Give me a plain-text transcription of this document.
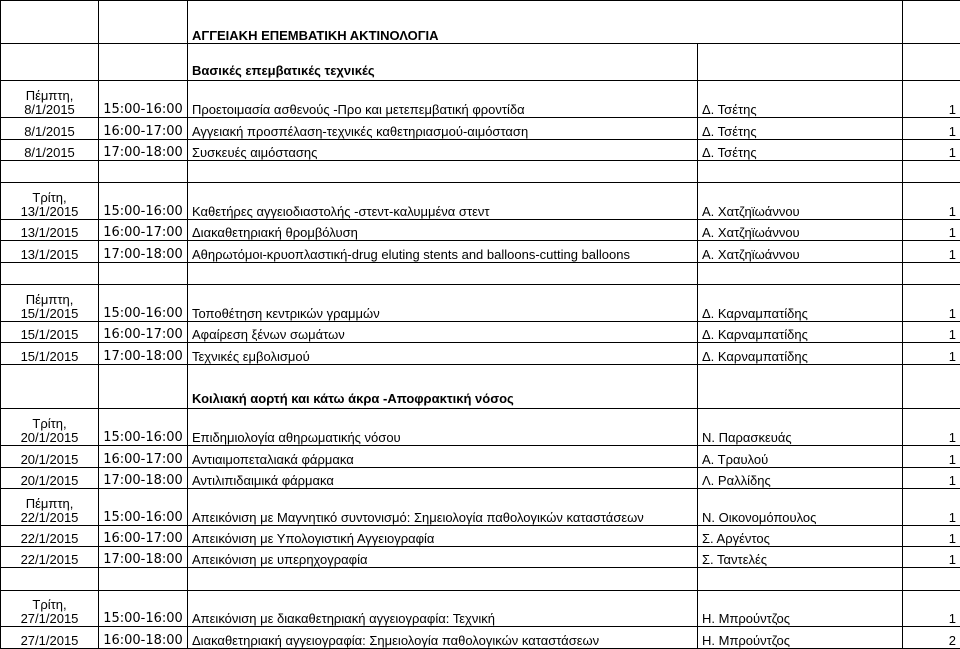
		ΑΓΓΕΙΑΚΗ ΕΠΕΜΒΑΤΙΚΗ ΑΚΤΙΝΟΛΟΓΙΑ		
		Βασικές επεμβατικές τεχνικές		

Πέμπτη,
8/1/2015	15:00-16:00	Προετοιμασία ασθενούς -Προ και μετεπεμβατική φροντίδα	Δ. Τσέτης	1

8/1/2015	16:00-17:00	Αγγειακή προσπέλαση-τεχνικές καθετηριασμού-αιμόσταση	Δ. Τσέτης	1

8/1/2015	17:00-18:00	Συσκευές αιμόστασης	Δ. Τσέτης	1

Τρίτη,
13/1/2015	15:00-16:00	Καθετήρες αγγειοδιαστολής -στεντ-καλυμμένα στεντ	Α. Χατζηϊωάννου	1

13/1/2015	16:00-17:00	Διακαθετηριακή θρομβόλυση	Α. Χατζηϊωάννου	1

13/1/2015	17:00-18:00	Αθηρωτόμοι-κρυοπλαστική-drug eluting stents and balloons-cutting balloons	Α. Χατζηϊωάννου	1

Πέμπτη,
15/1/2015	15:00-16:00	Τοποθέτηση κεντρικών γραμμών	Δ. Καρναμπατίδης	1

15/1/2015	16:00-17:00	Αφαίρεση ξένων σωμάτων	Δ. Καρναμπατίδης	1

15/1/2015	17:00-18:00	Τεχνικές εμβολισμού	Δ. Καρναμπατίδης	1
		Κοιλιακή αορτή και κάτω άκρα -Αποφρακτική νόσος		

Τρίτη,
20/1/2015	15:00-16:00	Επιδημιολογία αθηρωματικής νόσου	Ν. Παρασκευάς	1

20/1/2015	16:00-17:00	Αντιαιμοπεταλιακά φάρμακα	Α. Τραυλού	1

20/1/2015	17:00-18:00	Αντιλιπιδαιμικά φάρμακα	Λ. Ραλλίδης	1

Πέμπτη,
22/1/2015	15:00-16:00	Απεικόνιση με Μαγνητικό συντονισμό: Σημειολογία παθολογικών καταστάσεων	Ν. Οικονομόπουλος	1

22/1/2015	16:00-17:00	Απεικόνιση με Υπολογιστική Αγγειογραφία	Σ. Αργέντος	1

22/1/2015	17:00-18:00	Απεικόνιση με υπερηχογραφία	Σ. Ταντελές	1

Τρίτη,
27/1/2015	15:00-16:00	Απεικόνιση με διακαθετηριακή αγγειογραφία: Τεχνική	Η. Μπρούντζος	1

27/1/2015	16:00-18:00	Διακαθετηριακή αγγειογραφία: Σημειολογία παθολογικών καταστάσεων	Η. Μπρούντζος	2
